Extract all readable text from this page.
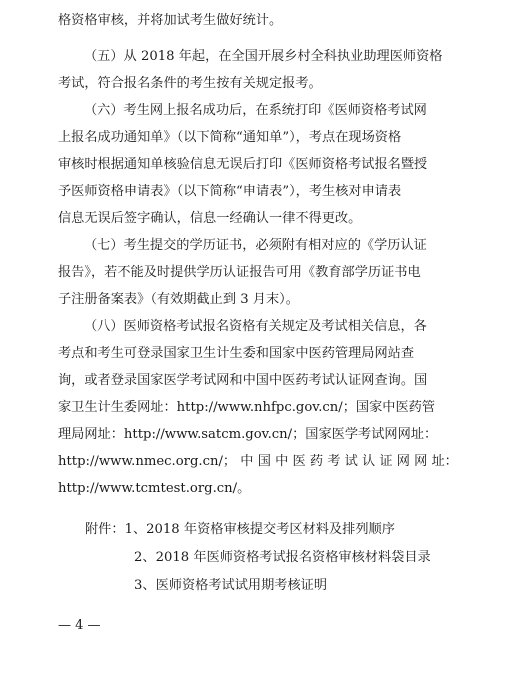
格资格审核，并将加试考生做好统计。
（五）从 2018 年起，在全国开展乡村全科执业助理医师资格
考试，符合报名条件的考生按有关规定报考。
（六）考生网上报名成功后，在系统打印《医师资格考试网
上报名成功通知单》（以下简称“通知单”），考点在现场资格
审核时根据通知单核验信息无误后打印《医师资格考试报名暨授
予医师资格申请表》（以下简称“申请表”），考生核对申请表
信息无误后签字确认，信息一经确认一律不得更改。
（七）考生提交的学历证书，必须附有相对应的《学历认证
报告》，若不能及时提供学历认证报告可用《教育部学历证书电
子注册备案表》（有效期截止到 3 月末）。
（八）医师资格考试报名资格有关规定及考试相关信息，各
考点和考生可登录国家卫生计生委和国家中医药管理局网站查
询，或者登录国家医学考试网和中国中医药考试认证网查询。国
家卫生计生委网址：http://www.nhfpc.gov.cn/；国家中医药管
理局网址：http://www.satcm.gov.cn/；国家医学考试网网址：
http://www.nmec.org.cn/； 中 国 中 医 药 考 试 认 证 网 网 址：
http://www.tcmtest.org.cn/。
附件：1、2018 年资格审核提交考区材料及排列顺序
2、2018 年医师资格考试报名资格审核材料袋目录
3、医师资格考试试用期考核证明
— 4 —
